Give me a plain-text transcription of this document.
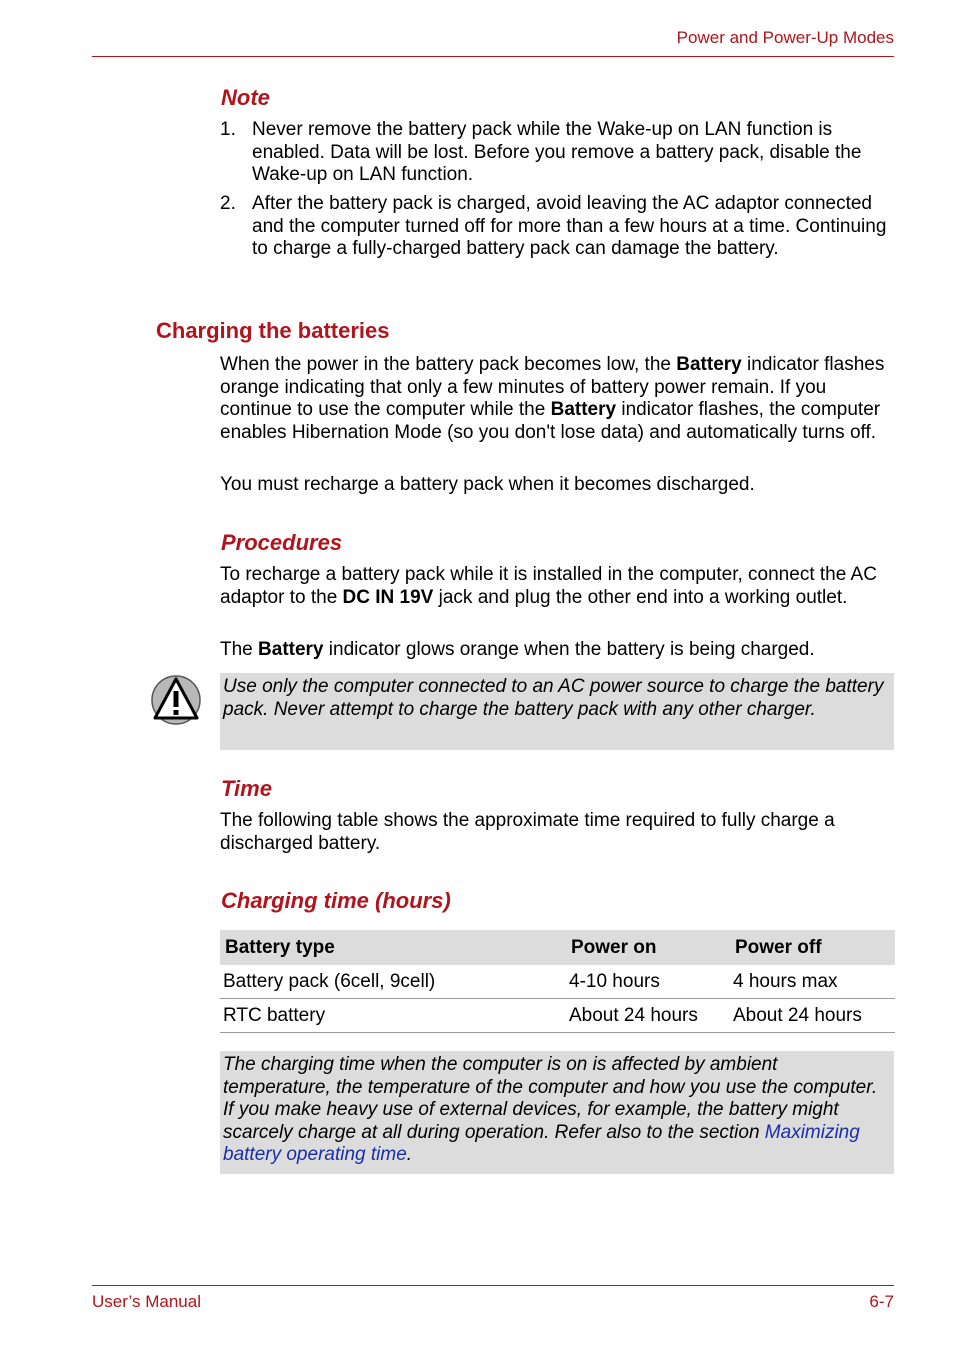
Power and Power-Up Modes
Note
1. Never remove the battery pack while the Wake-up on LAN function is enabled. Data will be lost. Before you remove a battery pack, disable the Wake-up on LAN function.
2. After the battery pack is charged, avoid leaving the AC adaptor connected and the computer turned off for more than a few hours at a time. Continuing to charge a fully-charged battery pack can damage the battery.
Charging the batteries
When the power in the battery pack becomes low, the Battery indicator flashes orange indicating that only a few minutes of battery power remain. If you continue to use the computer while the Battery indicator flashes, the computer enables Hibernation Mode (so you don't lose data) and automatically turns off.
You must recharge a battery pack when it becomes discharged.
Procedures
To recharge a battery pack while it is installed in the computer, connect the AC adaptor to the DC IN 19V jack and plug the other end into a working outlet.
The Battery indicator glows orange when the battery is being charged.

Use only the computer connected to an AC power source to charge the battery pack. Never attempt to charge the battery pack with any other charger.

Time
The following table shows the approximate time required to fully charge a discharged battery.
Charging time (hours)
Battery type	Power on	Power off
Battery pack (6cell, 9cell)	4-10 hours	4 hours max
RTC battery	About 24 hours	About 24 hours

The charging time when the computer is on is affected by ambient temperature, the temperature of the computer and how you use the computer. If you make heavy use of external devices, for example, the battery might scarcely charge at all during operation. Refer also to the section Maximizing battery operating time.

User’s Manual	6-7
